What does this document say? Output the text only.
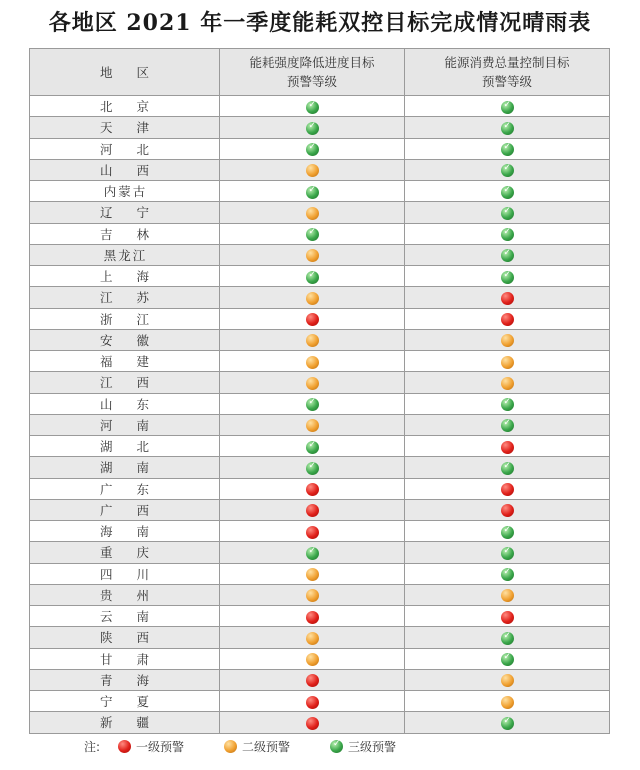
各地区 2021 年一季度能耗双控目标完成情况晴雨表
地 区	
能耗强度降低进度目标
预警等级

能源消费总量控制目标
预警等级

北 京	✓	✓
天 津	✓	✓
河 北	✓	✓
山 西		✓
内蒙古	✓	✓
辽 宁		✓
吉 林	✓	✓
黑龙江		✓
上 海	✓	✓
江 苏		
浙 江		
安 徽		
福 建		
江 西		
山 东	✓	✓
河 南		✓
湖 北	✓	
湖 南	✓	✓
广 东		
广 西		
海 南		✓
重 庆	✓	✓
四 川		✓
贵 州		
云 南		
陕 西		✓
甘 肃		✓
青 海		
宁 夏		
新 疆		✓
注:	一级预警	二级预警
✓	三级预警
